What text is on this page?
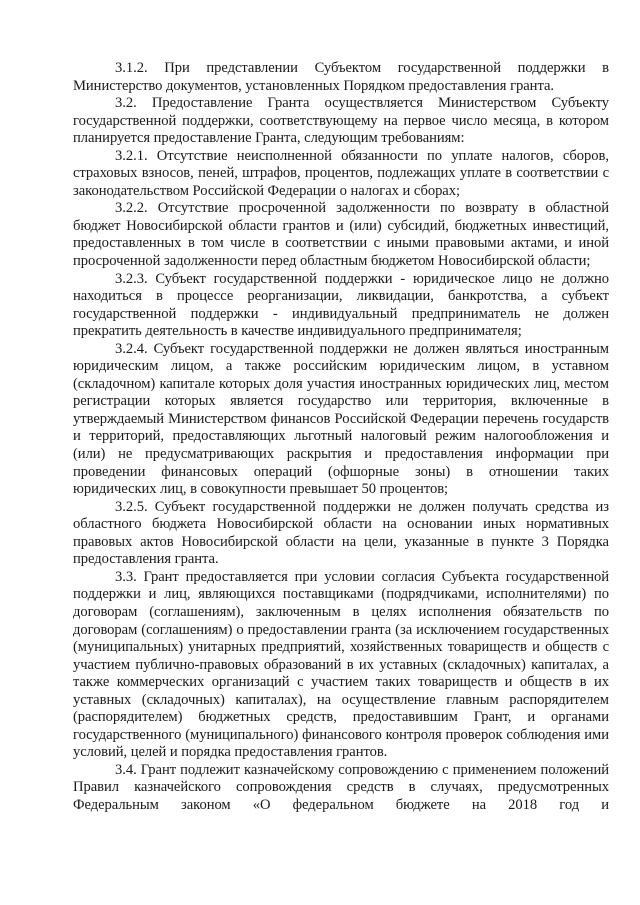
3.1.2. При представлении Субъектом государственной поддержки в Министерство документов, установленных Порядком предоставления гранта.

3.2. Предоставление Гранта осуществляется Министерством Субъекту государственной поддержки, соответствующему на первое число месяца, в котором планируется предоставление Гранта, следующим требованиям:

3.2.1. Отсутствие неисполненной обязанности по уплате налогов, сборов, страховых взносов, пеней, штрафов, процентов, подлежащих уплате в соответствии с законодательством Российской Федерации о налогах и сборах;

3.2.2. Отсутствие просроченной задолженности по возврату в областной бюджет Новосибирской области грантов и (или) субсидий, бюджетных инвестиций, предоставленных в том числе в соответствии с иными правовыми актами, и иной просроченной задолженности перед областным бюджетом Новосибирской области;

3.2.3. Субъект государственной поддержки - юридическое лицо не должно находиться в процессе реорганизации, ликвидации, банкротства, а субъект государственной поддержки - индивидуальный предприниматель не должен прекратить деятельность в качестве индивидуального предпринимателя;

3.2.4. Субъект государственной поддержки не должен являться иностранным юридическим лицом, а также российским юридическим лицом, в уставном (складочном) капитале которых доля участия иностранных юридических лиц, местом регистрации которых является государство или территория, включенные в утверждаемый Министерством финансов Российской Федерации перечень государств и территорий, предоставляющих льготный налоговый режим налогообложения и (или) не предусматривающих раскрытия и предоставления информации при проведении финансовых операций (офшорные зоны) в отношении таких юридических лиц, в совокупности превышает 50 процентов;

3.2.5. Субъект государственной поддержки не должен получать средства из областного бюджета Новосибирской области на основании иных нормативных правовых актов Новосибирской области на цели, указанные в пункте 3 Порядка предоставления гранта.

3.3. Грант предоставляется при условии согласия Субъекта государственной поддержки и лиц, являющихся поставщиками (подрядчиками, исполнителями) по договорам (соглашениям), заключенным в целях исполнения обязательств по договорам (соглашениям) о предоставлении гранта (за исключением государственных (муниципальных) унитарных предприятий, хозяйственных товариществ и обществ с участием публично-правовых образований в их уставных (складочных) капиталах, а также коммерческих организаций с участием таких товариществ и обществ в их уставных (складочных) капиталах), на осуществление главным распорядителем (распорядителем) бюджетных средств, предоставившим Грант, и органами государственного (муниципального) финансового контроля проверок соблюдения ими условий, целей и порядка предоставления грантов.

3.4. Грант подлежит казначейскому сопровождению с применением положений Правил казначейского сопровождения средств в случаях, предусмотренных Федеральным законом «О федеральном бюджете на 2018 год и
